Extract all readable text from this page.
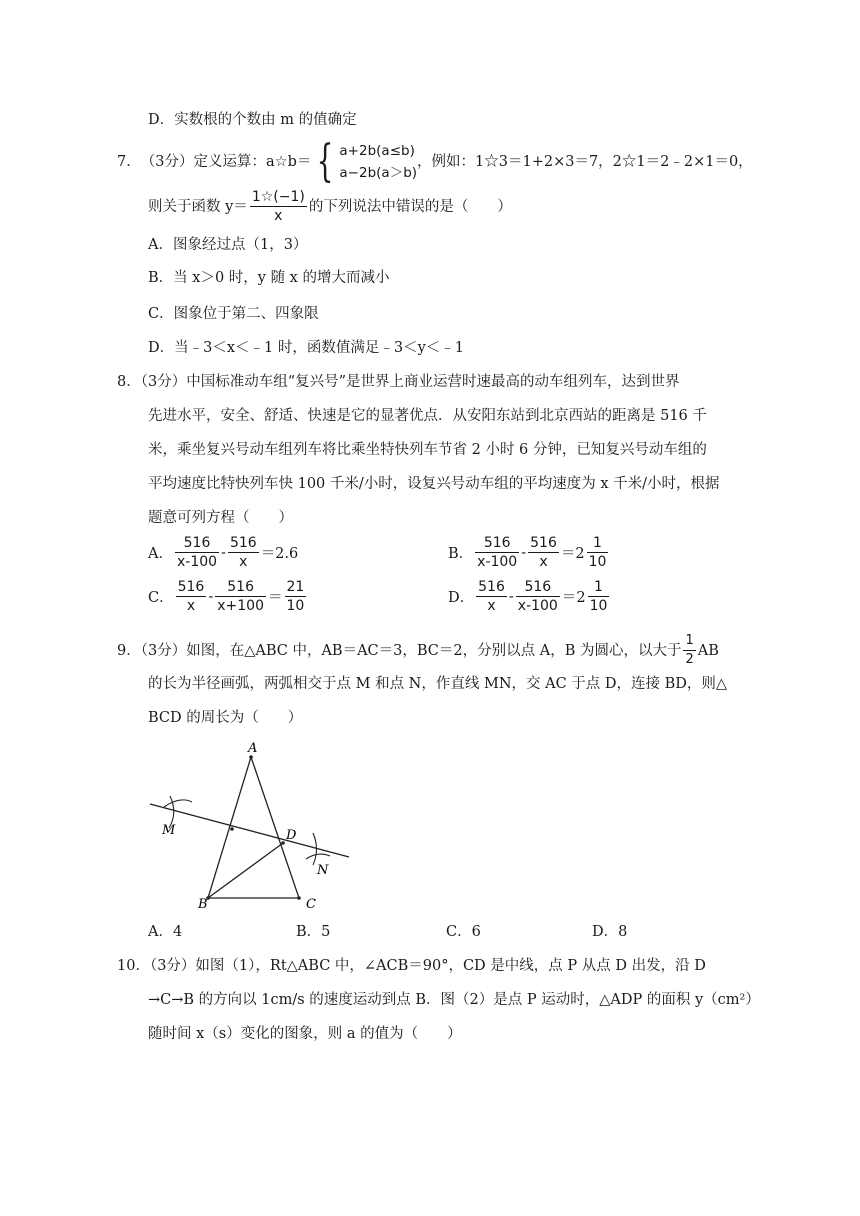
D．实数根的个数由 m 的值确定
7． （3分）定义运算： a☆b＝ { a+2b(a≤b)
a−2b(a＞b)
，例如：1☆3＝1+2×3＝7，2☆1＝2﹣2×1＝0，
则关于函数 $y= \frac{1☆(-1)}{x}$ 的下列说法中错误的是（　　）
A．图象经过点（1，3）
B．当 x＞0 时，y 随 x 的增大而减小
C．图象位于第二、四象限
D．当﹣3＜x＜﹣1 时，函数值满足﹣3＜y＜﹣1
8．（3分）中国标准动车组“复兴号”是世界上商业运营时速最高的动车组列车，达到世界
先进水平，安全、舒适、快速是它的显著优点．从安阳东站到北京西站的距离是 516 千
米，乘坐复兴号动车组列车将比乘坐特快列车节省 2 小时 6 分钟，已知复兴号动车组的
平均速度比特快列车快 100 千米/小时，设复兴号动车组的平均速度为 x 千米/小时，根据
题意可列方程（　　）
A． $\frac{516}{x-100} - \frac{516}{x} =2.6$	B． $\frac{516}{x-100} - \frac{516}{x} =2 \frac{1}{10}$
C． $\frac{516}{x} - \frac{516}{x+100} = \frac{21}{10}$	D． $\frac{516}{x} - \frac{516}{x-100} =2 \frac{1}{10}$
9．（3分）如图，在△ABC 中，AB＝AC＝3，BC＝2，分别以点 A，B 为圆心，以大于 $\frac{1}{2}$ AB
的长为半径画弧，两弧相交于点 M 和点 N，作直线 MN，交 AC 于点 D，连接 BD，则△
BCD 的周长为（　　）
A
B	C
D
M
N
A．4	B．5	C．6	D．8
10．（3分）如图（1），Rt△ABC 中，∠ACB＝90°，CD 是中线，点 P 从点 D 出发，沿 D
→C→B 的方向以 1cm/s 的速度运动到点 B．图（2）是点 P 运动时，△ADP 的面积 y（cm²）
随时间 x（s）变化的图象，则 a 的值为（　　）
